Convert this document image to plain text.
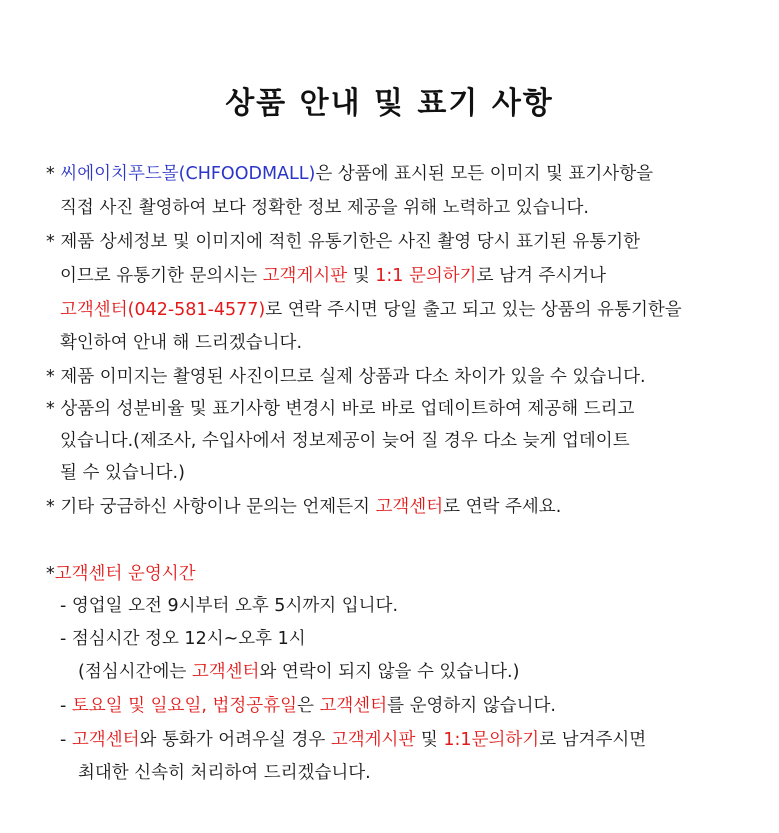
상품 안내 및 표기 사항
* 씨에이치푸드몰(CHFOODMALL)은 상품에 표시된 모든 이미지 및 표기사항을
직접 사진 촬영하여 보다 정확한 정보 제공을 위해 노력하고 있습니다.
* 제품 상세정보 및 이미지에 적힌 유통기한은 사진 촬영 당시 표기된 유통기한
이므로 유통기한 문의시는 고객게시판 및 1:1 문의하기로 남겨 주시거나
고객센터(042-581-4577)로 연락 주시면 당일 출고 되고 있는 상품의 유통기한을
확인하여 안내 해 드리겠습니다.
* 제품 이미지는 촬영된 사진이므로 실제 상품과 다소 차이가 있을 수 있습니다.
* 상품의 성분비율 및 표기사항 변경시 바로 바로 업데이트하여 제공해 드리고
있습니다.(제조사, 수입사에서 정보제공이 늦어 질 경우 다소 늦게 업데이트
될 수 있습니다.)
* 기타 궁금하신 사항이나 문의는 언제든지 고객센터로 연락 주세요.
*고객센터 운영시간
- 영업일 오전 9시부터 오후 5시까지 입니다.
- 점심시간 정오 12시~오후 1시
(점심시간에는 고객센터와 연락이 되지 않을 수 있습니다.)
- 토요일 및 일요일, 법정공휴일은 고객센터를 운영하지 않습니다.
- 고객센터와 통화가 어려우실 경우 고객게시판 및 1:1문의하기로 남겨주시면
최대한 신속히 처리하여 드리겠습니다.
